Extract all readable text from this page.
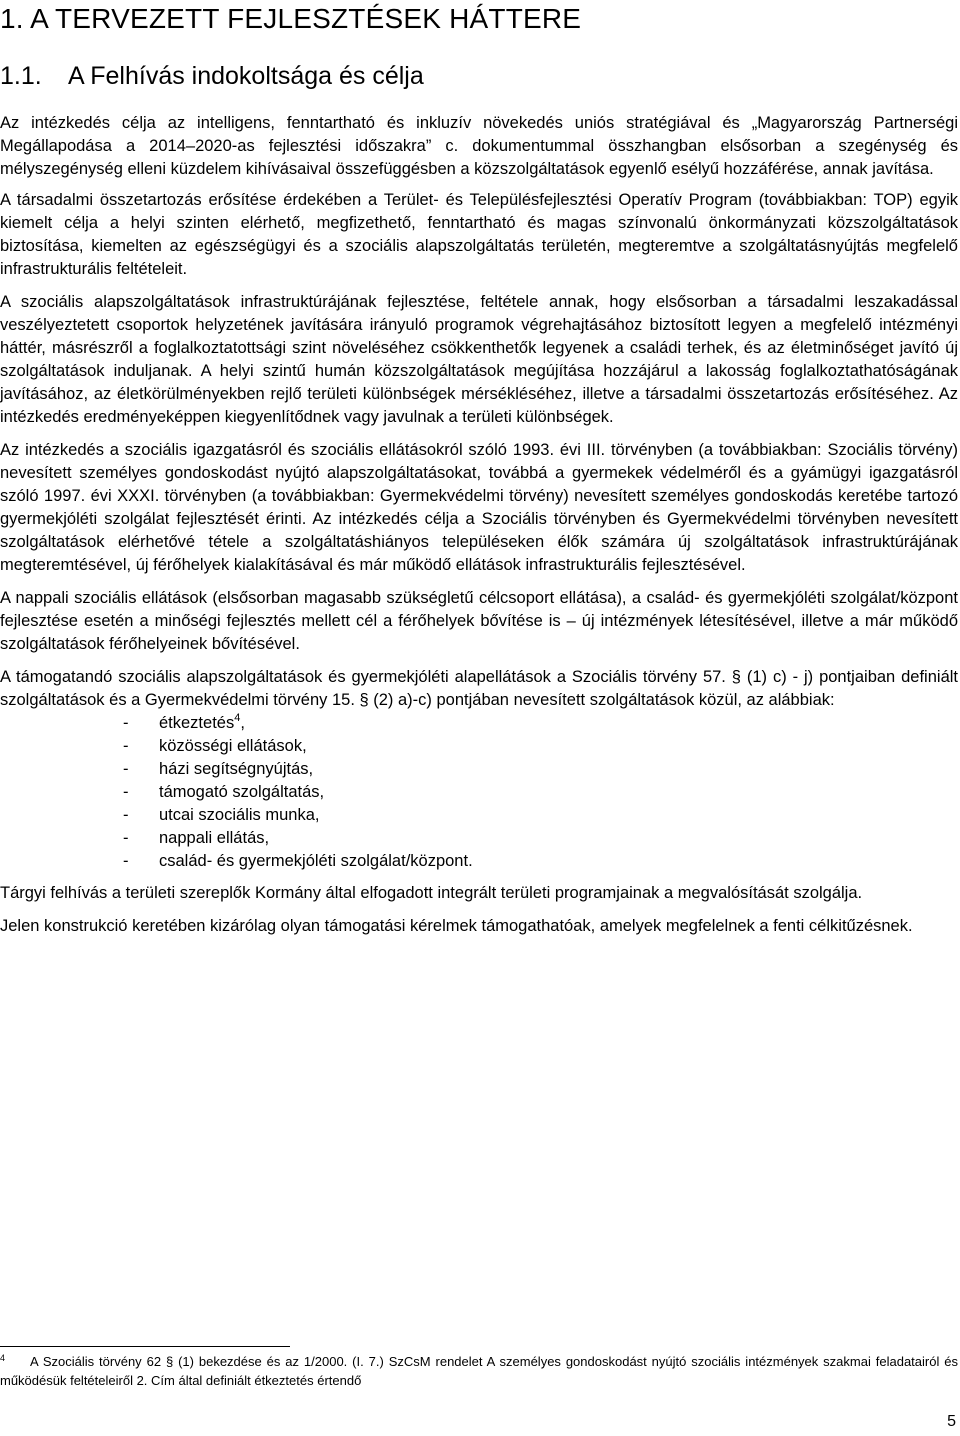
1. A TERVEZETT FEJLESZTÉSEK HÁTTERE
1.1. A Felhívás indokoltsága és célja

Az intézkedés célja az intelligens, fenntartható és inkluzív növekedés uniós stratégiával és „Magyarország Partnerségi Megállapodása a 2014–2020-as fejlesztési időszakra” c. dokumentummal összhangban elsősorban a szegénység és mélyszegénység elleni küzdelem kihívásaival összefüggésben a közszolgáltatások egyenlő esélyű hozzáférése, annak javítása.

A társadalmi összetartozás erősítése érdekében a Terület- és Településfejlesztési Operatív Program (továbbiakban: TOP) egyik kiemelt célja a helyi szinten elérhető, megfizethető, fenntartható és magas színvonalú önkormányzati közszolgáltatások biztosítása, kiemelten az egészségügyi és a szociális alapszolgáltatás területén, megteremtve a szolgáltatásnyújtás megfelelő infrastrukturális feltételeit.

A szociális alapszolgáltatások infrastruktúrájának fejlesztése, feltétele annak, hogy elsősorban a társadalmi leszakadással veszélyeztetett csoportok helyzetének javítására irányuló programok végrehajtásához biztosított legyen a megfelelő intézményi háttér, másrészről a foglalkoztatottsági szint növeléséhez csökkenthetők legyenek a családi terhek, és az életminőséget javító új szolgáltatások induljanak. A helyi szintű humán közszolgáltatások megújítása hozzájárul a lakosság foglalkoztathatóságának javításához, az életkörülményekben rejlő területi különbségek mérsékléséhez, illetve a társadalmi összetartozás erősítéséhez. Az intézkedés eredményeképpen kiegyenlítődnek vagy javulnak a területi különbségek.

Az intézkedés a szociális igazgatásról és szociális ellátásokról szóló 1993. évi III. törvényben (a továbbiakban: Szociális törvény) nevesített személyes gondoskodást nyújtó alapszolgáltatásokat, továbbá a gyermekek védelméről és a gyámügyi igazgatásról szóló 1997. évi XXXI. törvényben (a továbbiakban: Gyermekvédelmi törvény) nevesített személyes gondoskodás keretébe tartozó gyermekjóléti szolgálat fejlesztését érinti. Az intézkedés célja a Szociális törvényben és Gyermekvédelmi törvényben nevesített szolgáltatások elérhetővé tétele a szolgáltatáshiányos településeken élők számára új szolgáltatások infrastruktúrájának megteremtésével, új férőhelyek kialakításával és már működő ellátások infrastrukturális fejlesztésével.

A nappali szociális ellátások (elsősorban magasabb szükségletű célcsoport ellátása), a család- és gyermekjóléti szolgálat/központ fejlesztése esetén a minőségi fejlesztés mellett cél a férőhelyek bővítése is – új intézmények létesítésével, illetve a már működő szolgáltatások férőhelyeinek bővítésével.

A támogatandó szociális alapszolgáltatások és gyermekjóléti alapellátások a Szociális törvény 57. § (1) c) - j) pontjaiban definiált szolgáltatások és a Gyermekvédelmi törvény 15. § (2) a)-c) pontjában nevesített szolgáltatások közül, az alábbiak:

- étkeztetés$^4$,
- közösségi ellátások,
- házi segítségnyújtás,
- támogató szolgáltatás,
- utcai szociális munka,
- nappali ellátás,
- család- és gyermekjóléti szolgálat/központ.

Tárgyi felhívás a területi szereplők Kormány által elfogadott integrált területi programjainak a megvalósítását szolgálja.

Jelen konstrukció keretében kizárólag olyan támogatási kérelmek támogathatóak, amelyek megfelelnek a fenti célkitűzésnek.

$^4$ A Szociális törvény 62 § (1) bekezdése és az 1/2000. (I. 7.) SzCsM rendelet A személyes gondoskodást nyújtó szociális intézmények szakmai feladatairól és működésük feltételeiről 2. Cím által definiált étkeztetés értendő
5
